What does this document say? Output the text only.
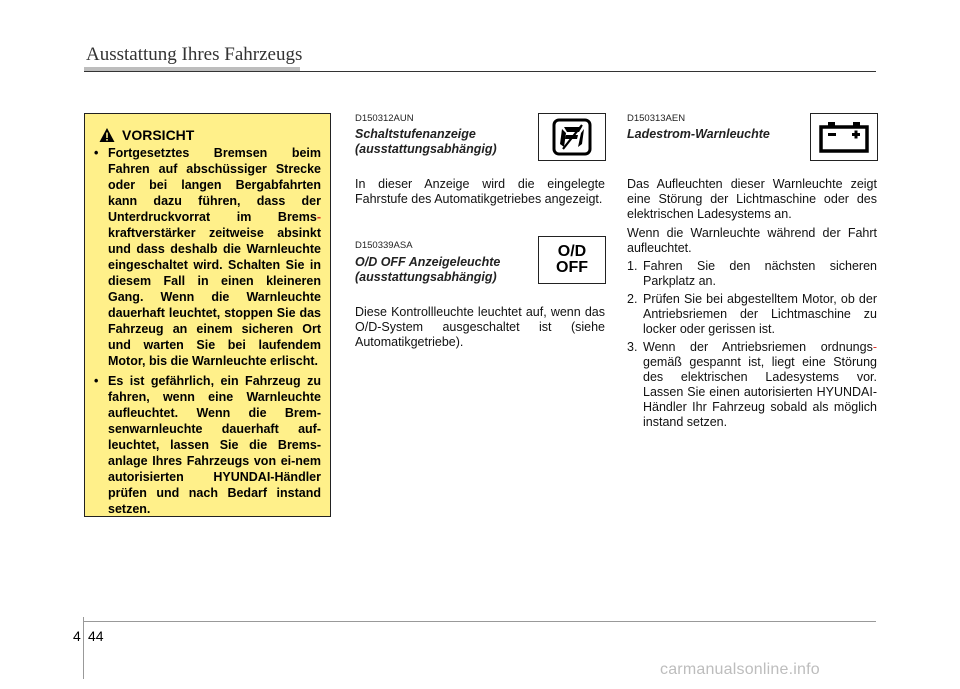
Ausstattung Ihres Fahrzeugs
VORSICHT
• Fortgesetztes Bremsen beim Fahren auf abschüssiger Strecke oder bei langen Bergabfahrten kann dazu führen, dass der Unterdruckvorrat im Brems-kraftverstärker zeitweise absinkt und dass deshalb die Warnleuchte eingeschaltet wird. Schalten Sie in diesem Fall in einen kleineren Gang. Wenn die Warnleuchte dauerhaft leuchtet, stoppen Sie das Fahrzeug an einem sicheren Ort und warten Sie bei laufendem Motor, bis die Warnleuchte erlischt.
• Es ist gefährlich, ein Fahrzeug zu fahren, wenn eine Warnleuchte aufleuchtet. Wenn die Brem-senwarnleuchte dauerhaft auf-leuchtet, lassen Sie die Brems-anlage Ihres Fahrzeugs von ei-nem autorisierten HYUNDAI-Händler prüfen und nach Bedarf instand setzen.
D150312AUN
Schaltstufenanzeige
(ausstattungsabhängig)
In dieser Anzeige wird die eingelegte Fahrstufe des Automatikgetriebes angezeigt.
D150339ASA
O/D OFF Anzeigeleuchte
(ausstattungsabhängig)
O/D
OFF
Diese Kontrollleuchte leuchtet auf, wenn das O/D-System ausgeschaltet ist (siehe Automatikgetriebe).
D150313AEN
Ladestrom-Warnleuchte
Das Aufleuchten dieser Warnleuchte zeigt eine Störung der Lichtmaschine oder des elektrischen Ladesystems an.
Wenn die Warnleuchte während der Fahrt aufleuchtet.
1. Fahren Sie den nächsten sicheren Parkplatz an.
2. Prüfen Sie bei abgestelltem Motor, ob der Antriebsriemen der Lichtmaschine zu locker oder gerissen ist.
3. Wenn der Antriebsriemen ordnungs-gemäß gespannt ist, liegt eine Störung des elektrischen Ladesystems vor. Lassen Sie einen autorisierten HYUNDAI-Händler Ihr Fahrzeug sobald als möglich instand setzen.
4 44
carmanualsonline.info
